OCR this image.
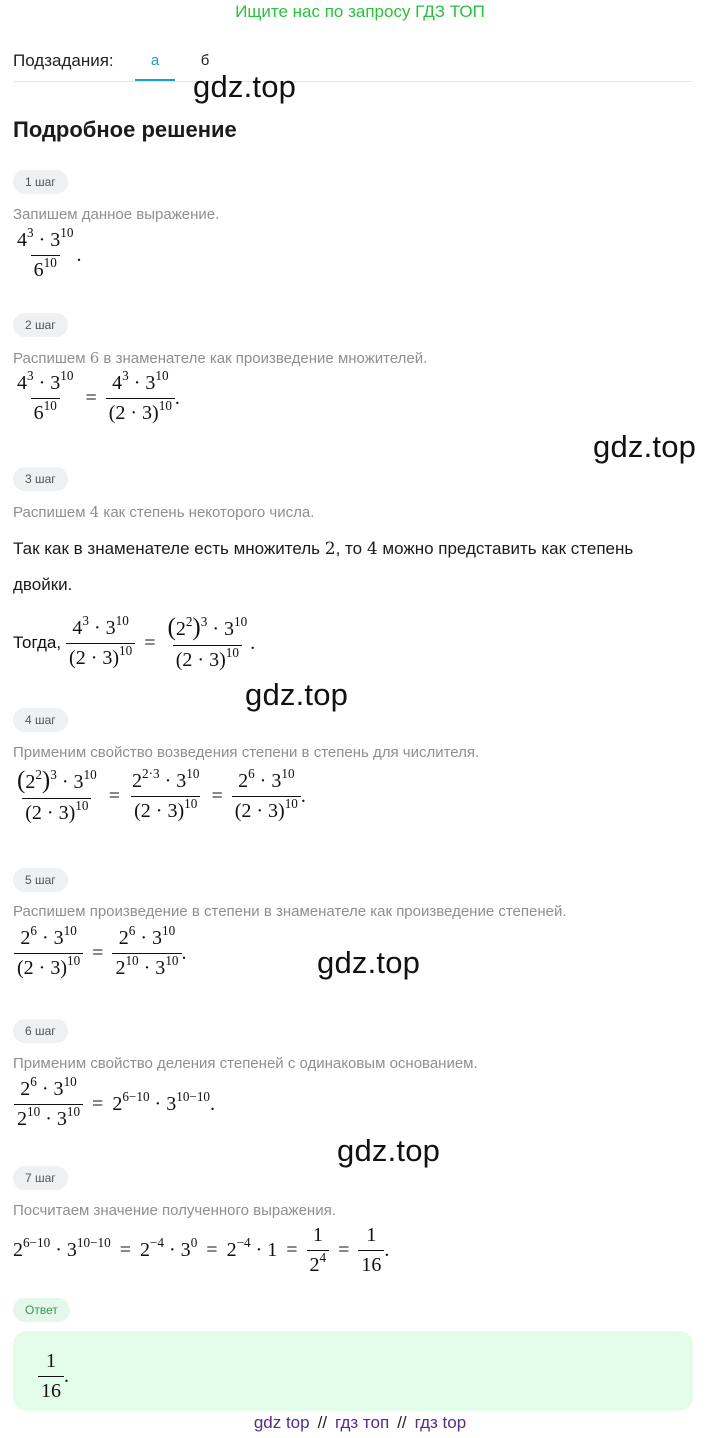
Ищите нас по запросу ГДЗ ТОП
Подзадания:	а	б
gdz.top
gdz.top
gdz.top
gdz.top
gdz.top
Подробное решение
1 шаг
Запишем данное выражение.
$\frac{4^3 \cdot 3^{10}}{6^{10}}$ .
2 шаг
Распишем 6 в знаменателе как произведение множителей.
$\frac{4^3 \cdot 3^{10}}{6^{10}} = \frac{4^3 \cdot 3^{10}}{(2 \cdot 3)^{10}}$ .
3 шаг
Распишем 4 как степень некоторого числа.
Так как в знаменателе есть множитель 2, то 4 можно представить как степень
двойки.
Тогда, $\frac{4^3 \cdot 3^{10}}{(2 \cdot 3)^{10}} = \frac{(2^2)^3 \cdot 3^{10}}{(2 \cdot 3)^{10}}$ .
4 шаг
Применим свойство возведения степени в степень для числителя.
$\frac{(2^2)^3 \cdot 3^{10}}{(2 \cdot 3)^{10}} = \frac{2^{2\cdot 3} \cdot 3^{10}}{(2 \cdot 3)^{10}} = \frac{2^6 \cdot 3^{10}}{(2 \cdot 3)^{10}}$ .
5 шаг
Распишем произведение в степени в знаменателе как произведение степеней.
$\frac{2^6 \cdot 3^{10}}{(2 \cdot 3)^{10}} = \frac{2^6 \cdot 3^{10}}{2^{10} \cdot 3^{10}}$ .
6 шаг
Применим свойство деления степеней с одинаковым основанием.
$\frac{2^6 \cdot 3^{10}}{2^{10} \cdot 3^{10}} = 2^{6-10} \cdot 3^{10-10}$.
7 шаг
Посчитаем значение полученного выражения.
$2^{6-10} \cdot 3^{10-10} = 2^{-4} \cdot 3^0 = 2^{-4} \cdot 1 = \frac{1}{2^4} = \frac{1}{16}$ .
Ответ
$\frac{1}{16}$ .
gdz top // гдз топ // гдз top
